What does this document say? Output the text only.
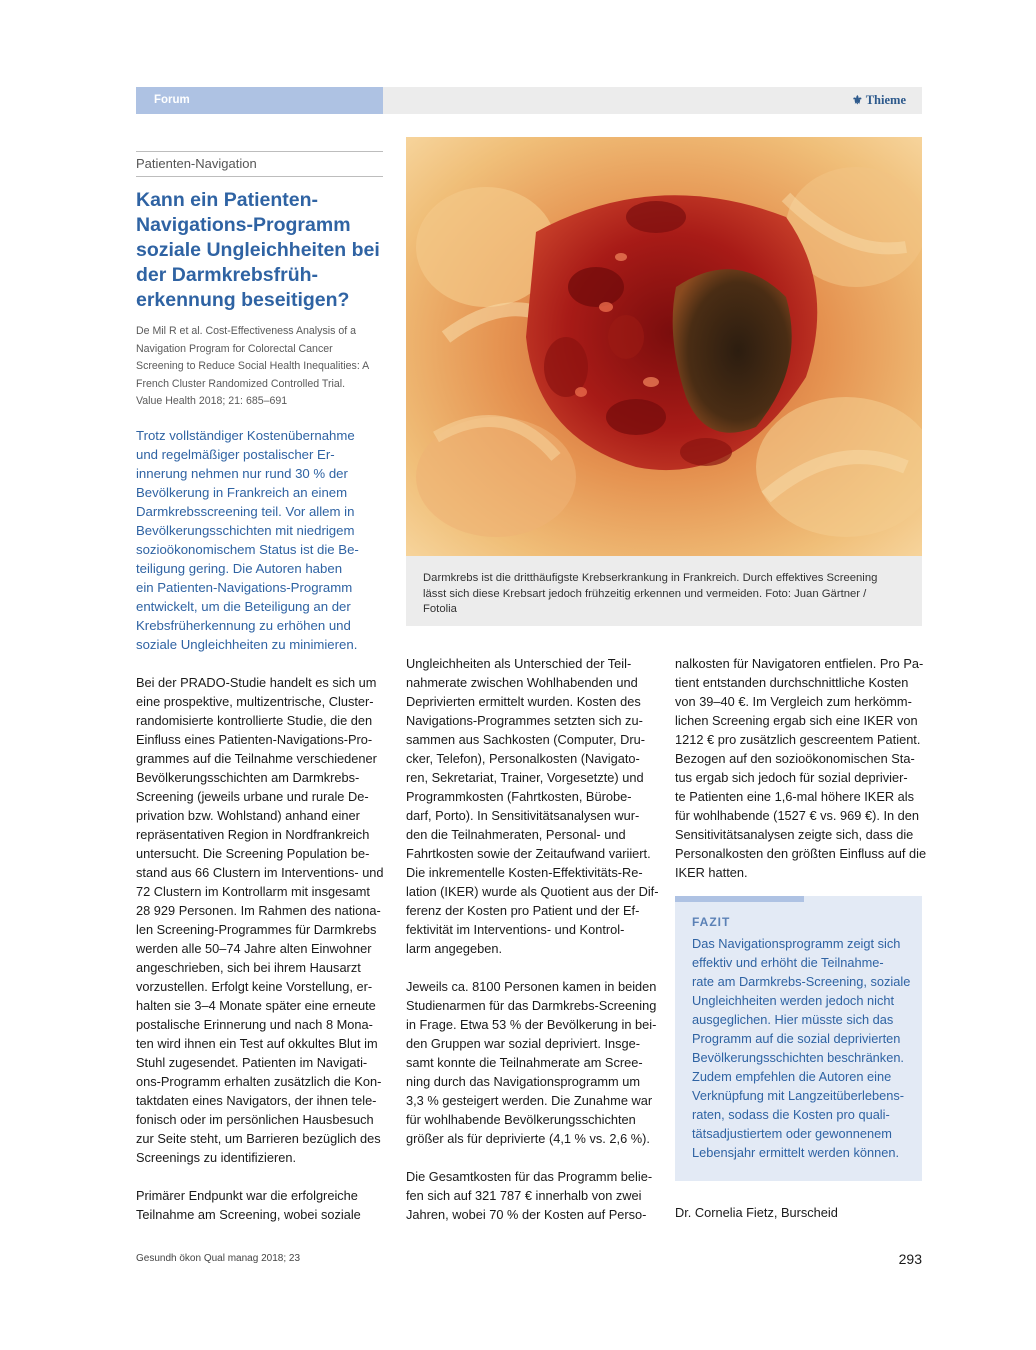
Forum	⚜ Thieme
Patienten-Navigation
Kann ein Patienten-
Navigations-Programm
soziale Ungleichheiten bei
der Darmkrebsfrüh-
erkennung beseitigen?
De Mil R et al. Cost-Effectiveness Analysis of a
Navigation Program for Colorectal Cancer
Screening to Reduce Social Health Inequalities: A
French Cluster Randomized Controlled Trial.
Value Health 2018; 21: 685–691
Trotz vollständiger Kostenübernahme
und regelmäßiger postalischer Er-
innerung nehmen nur rund 30 % der
Bevölkerung in Frankreich an einem
Darmkrebsscreening teil. Vor allem in
Bevölkerungsschichten mit niedrigem
sozioökonomischem Status ist die Be-
teiligung gering. Die Autoren haben
ein Patienten-Navigations-Programm
entwickelt, um die Beteiligung an der
Krebsfrüherkennung zu erhöhen und
soziale Ungleichheiten zu minimieren.
Darmkrebs ist die dritthäufigste Krebserkrankung in Frankreich. Durch effektives Screening
lässt sich diese Krebsart jedoch frühzeitig erkennen und vermeiden. Foto: Juan Gärtner /
Fotolia
Bei der PRADO-Studie handelt es sich um
eine prospektive, multizentrische, Cluster-
randomisierte kontrollierte Studie, die den
Einfluss eines Patienten-Navigations-Pro-
grammes auf die Teilnahme verschiedener
Bevölkerungsschichten am Darmkrebs-
Screening (jeweils urbane und rurale De-
privation bzw. Wohlstand) anhand einer
repräsentativen Region in Nordfrankreich
untersucht. Die Screening Population be-
stand aus 66 Clustern im Interventions- und
72 Clustern im Kontrollarm mit insgesamt
28 929 Personen. Im Rahmen des nationa-
len Screening-Programmes für Darmkrebs
werden alle 50–74 Jahre alten Einwohner
angeschrieben, sich bei ihrem Hausarzt
vorzustellen. Erfolgt keine Vorstellung, er-
halten sie 3–4 Monate später eine erneute
postalische Erinnerung und nach 8 Mona-
ten wird ihnen ein Test auf okkultes Blut im
Stuhl zugesendet. Patienten im Navigati-
ons-Programm erhalten zusätzlich die Kon-
taktdaten eines Navigators, der ihnen tele-
fonisch oder im persönlichen Hausbesuch
zur Seite steht, um Barrieren bezüglich des
Screenings zu identifizieren.

Primärer Endpunkt war die erfolgreiche
Teilnahme am Screening, wobei soziale
Ungleichheiten als Unterschied der Teil-
nahmerate zwischen Wohlhabenden und
Deprivierten ermittelt wurden. Kosten des
Navigations-Programmes setzten sich zu-
sammen aus Sachkosten (Computer, Dru-
cker, Telefon), Personalkosten (Navigato-
ren, Sekretariat, Trainer, Vorgesetzte) und
Programmkosten (Fahrtkosten, Bürobe-
darf, Porto). In Sensitivitätsanalysen wur-
den die Teilnahmeraten, Personal- und
Fahrtkosten sowie der Zeitaufwand variiert.
Die inkrementelle Kosten-Effektivitäts-Re-
lation (IKER) wurde als Quotient aus der Dif-
ferenz der Kosten pro Patient und der Ef-
fektivität im Interventions- und Kontrol-
larm angegeben.

Jeweils ca. 8100 Personen kamen in beiden
Studienarmen für das Darmkrebs-Screening
in Frage. Etwa 53 % der Bevölkerung in bei-
den Gruppen war sozial depriviert. Insge-
samt konnte die Teilnahmerate am Scree-
ning durch das Navigationsprogramm um
3,3 % gesteigert werden. Die Zunahme war
für wohlhabende Bevölkerungsschichten
größer als für deprivierte (4,1 % vs. 2,6 %).

Die Gesamtkosten für das Programm belie-
fen sich auf 321 787 € innerhalb von zwei
Jahren, wobei 70 % der Kosten auf Perso-
nalkosten für Navigatoren entfielen. Pro Pa-
tient entstanden durchschnittliche Kosten
von 39–40 €. Im Vergleich zum herkömm-
lichen Screening ergab sich eine IKER von
1212 € pro zusätzlich gescreentem Patient.
Bezogen auf den sozioökonomischen Sta-
tus ergab sich jedoch für sozial deprivier-
te Patienten eine 1,6-mal höhere IKER als
für wohlhabende (1527 € vs. 969 €). In den
Sensitivitätsanalysen zeigte sich, dass die
Personalkosten den größten Einfluss auf die
IKER hatten.
FAZIT
Das Navigationsprogramm zeigt sich
effektiv und erhöht die Teilnahme-
rate am Darmkrebs-Screening, soziale
Ungleichheiten werden jedoch nicht
ausgeglichen. Hier müsste sich das
Programm auf die sozial deprivierten
Bevölkerungsschichten beschränken.
Zudem empfehlen die Autoren eine
Verknüpfung mit Langzeitüberlebens-
raten, sodass die Kosten pro quali-
tätsadjustiertem oder gewonnenem
Lebensjahr ermittelt werden können.
Dr. Cornelia Fietz, Burscheid
Gesundh ökon Qual manag 2018; 23	293
